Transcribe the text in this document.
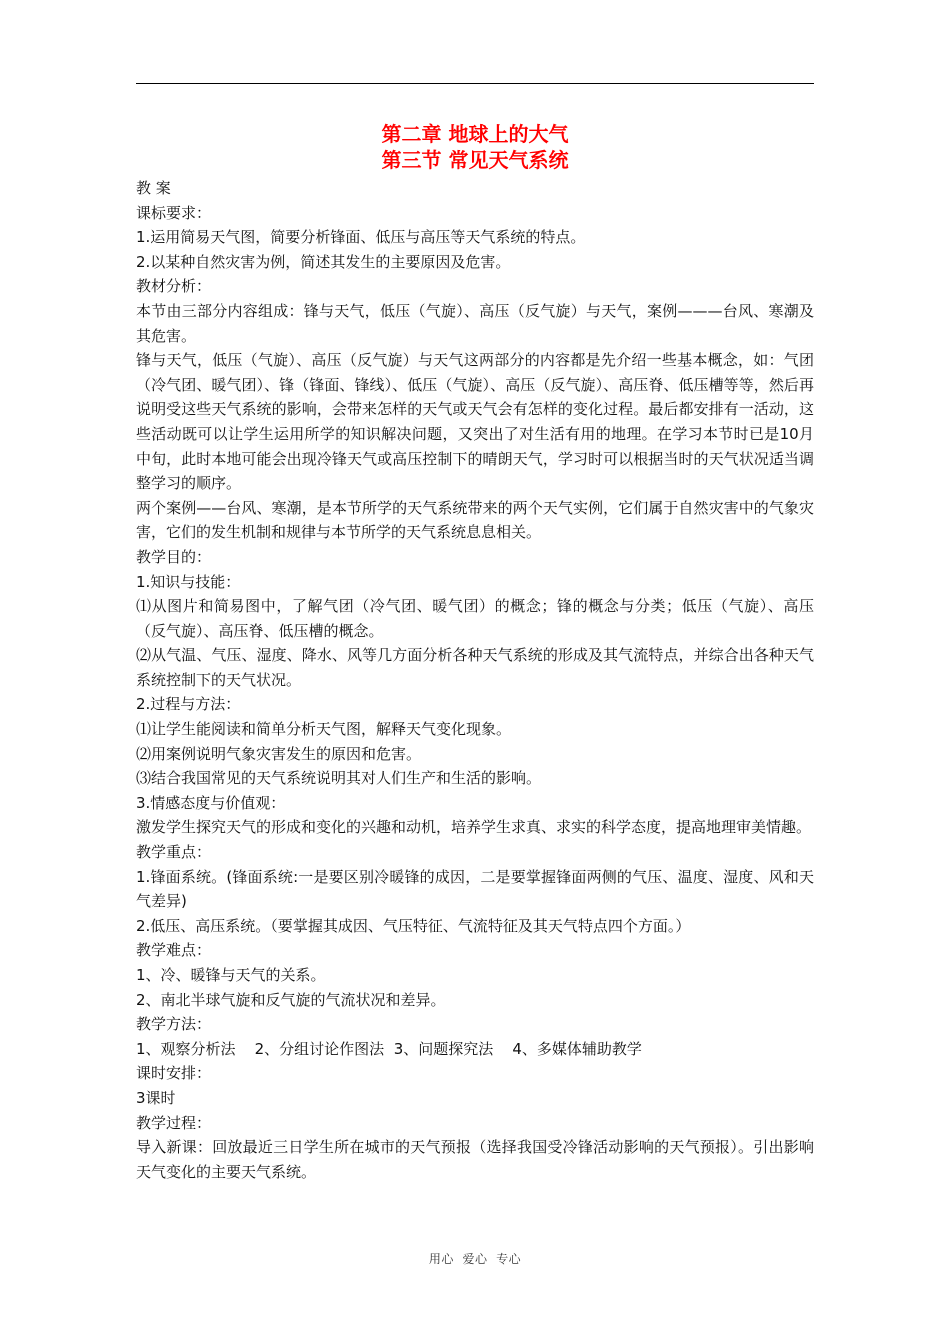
第二章 地球上的大气
第三节 常见天气系统

教 案

课标要求：

1.运用简易天气图，简要分析锋面、低压与高压等天气系统的特点。

2.以某种自然灾害为例，简述其发生的主要原因及危害。

教材分析：

本节由三部分内容组成：锋与天气，低压（气旋）、高压（反气旋）与天气，案例———台风、寒潮及其危害。

锋与天气，低压（气旋）、高压（反气旋）与天气这两部分的内容都是先介绍一些基本概念，如：气团（冷气团、暖气团）、锋（锋面、锋线）、低压（气旋）、高压（反气旋）、高压脊、低压槽等等，然后再说明受这些天气系统的影响，会带来怎样的天气或天气会有怎样的变化过程。最后都安排有一活动，这些活动既可以让学生运用所学的知识解决问题，又突出了对生活有用的地理。在学习本节时已是10月中旬，此时本地可能会出现冷锋天气或高压控制下的晴朗天气，学习时可以根据当时的天气状况适当调整学习的顺序。

两个案例——台风、寒潮，是本节所学的天气系统带来的两个天气实例，它们属于自然灾害中的气象灾害，它们的发生机制和规律与本节所学的天气系统息息相关。

教学目的：

1.知识与技能：

⑴从图片和简易图中，了解气团（冷气团、暖气团）的概念；锋的概念与分类；低压（气旋）、高压（反气旋）、高压脊、低压槽的概念。

⑵从气温、气压、湿度、降水、风等几方面分析各种天气系统的形成及其气流特点，并综合出各种天气系统控制下的天气状况。

2.过程与方法：

⑴让学生能阅读和简单分析天气图，解释天气变化现象。

⑵用案例说明气象灾害发生的原因和危害。

⑶结合我国常见的天气系统说明其对人们生产和生活的影响。

3.情感态度与价值观：

激发学生探究天气的形成和变化的兴趣和动机，培养学生求真、求实的科学态度，提高地理审美情趣。

教学重点：

1.锋面系统。(锋面系统:一是要区别冷暖锋的成因，二是要掌握锋面两侧的气压、温度、湿度、风和天气差异)

2.低压、高压系统。（要掌握其成因、气压特征、气流特征及其天气特点四个方面。）

教学难点：

1、冷、暖锋与天气的关系。

2、南北半球气旋和反气旋的气流状况和差异。

教学方法：

1、观察分析法    2、分组讨论作图法  3、问题探究法    4、多媒体辅助教学

课时安排：

3课时

教学过程：

导入新课：回放最近三日学生所在城市的天气预报（选择我国受冷锋活动影响的天气预报）。引出影响天气变化的主要天气系统。

用心  爱心  专心
